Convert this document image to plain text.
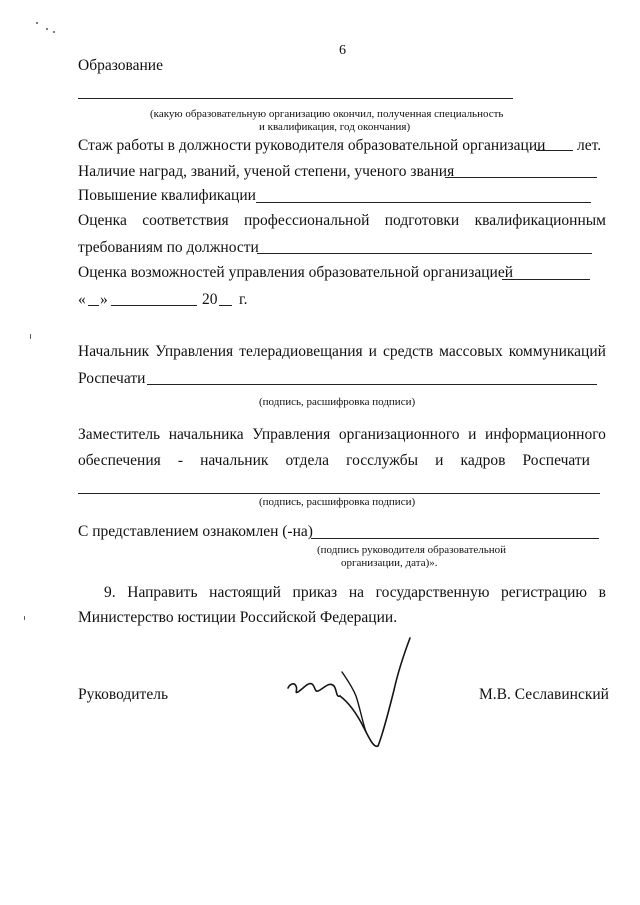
6
Образование
(какую образовательную организацию окончил, полученная специальность
и квалификация, год окончания)
Стаж работы в должности руководителя образовательной организации лет.
Наличие наград, званий, ученой степени, ученого звания
Повышение квалификации
Оценка соответствия профессиональной подготовки квалификационным
требованиям по должности
Оценка возможностей управления образовательной организацией
« »	20 г.
Начальник Управления телерадиовещания и средств массовых коммуникаций
Роспечати
(подпись, расшифровка подписи)
Заместитель начальника Управления организационного и информационного
обеспечения - начальник отдела госслужбы и кадров Роспечати
(подпись, расшифровка подписи)
С представлением ознакомлен (-на)
(подпись руководителя образовательной
организации, дата)».
9. Направить настоящий приказ на государственную регистрацию в
Министерство юстиции Российской Федерации.
Руководитель	М.В. Сеславинский
